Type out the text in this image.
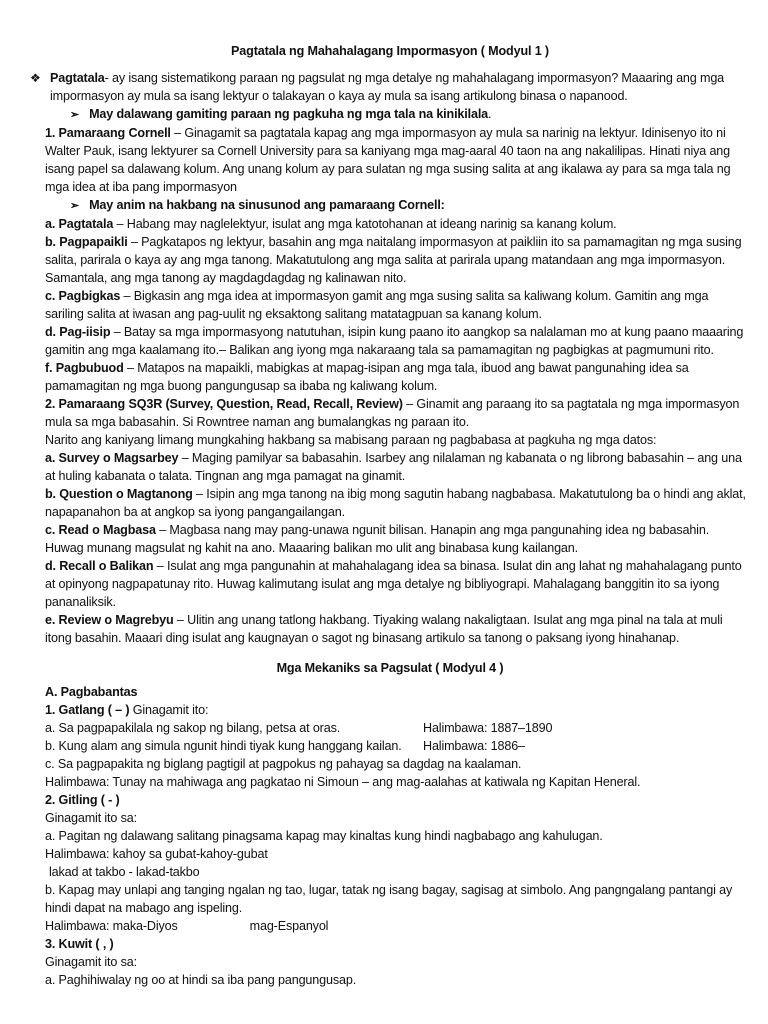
Pagtatala ng Mahahalagang Impormasyon ( Modyul 1 )
❖ Pagtatala- ay isang sistematikong paraan ng pagsulat ng mga detalye ng mahahalagang impormasyon? Maaaring ang mga impormasyon ay mula sa isang lektyur o talakayan o kaya ay mula sa isang artikulong binasa o napanood.

➢ May dalawang gamiting paraan ng pagkuha ng mga tala na kinikilala.

1. Pamaraang Cornell – Ginagamit sa pagtatala kapag ang mga impormasyon ay mula sa narinig na lektyur. Idinisenyo ito ni Walter Pauk, isang lektyurer sa Cornell University para sa kaniyang mga mag-aaral 40 taon na ang nakalilipas. Hinati niya ang isang papel sa dalawang kolum. Ang unang kolum ay para sulatan ng mga susing salita at ang ikalawa ay para sa mga tala ng mga idea at iba pang impormasyon

➢ May anim na hakbang na sinusunod ang pamaraang Cornell:

a. Pagtatala – Habang may naglelektyur, isulat ang mga katotohanan at ideang narinig sa kanang kolum.

b. Pagpapaikli – Pagkatapos ng lektyur, basahin ang mga naitalang impormasyon at paikliin ito sa pamamagitan ng mga susing salita, parirala o kaya ay ang mga tanong. Makatutulong ang mga salita at parirala upang matandaan ang mga impormasyon. Samantala, ang mga tanong ay magdagdagdag ng kalinawan nito.

c. Pagbigkas – Bigkasin ang mga idea at impormasyon gamit ang mga susing salita sa kaliwang kolum. Gamitin ang mga sariling salita at iwasan ang pag-uulit ng eksaktong salitang matatagpuan sa kanang kolum.

d. Pag-iisip – Batay sa mga impormasyong natutuhan, isipin kung paano ito aangkop sa nalalaman mo at kung paano maaaring gamitin ang mga kaalamang ito.– Balikan ang iyong mga nakaraang tala sa pamamagitan ng pagbigkas at pagmumuni rito.

f. Pagbubuod – Matapos na mapaikli, mabigkas at mapag-isipan ang mga tala, ibuod ang bawat pangunahing idea sa pamamagitan ng mga buong pangungusap sa ibaba ng kaliwang kolum.

2. Pamaraang SQ3R (Survey, Question, Read, Recall, Review) – Ginamit ang paraang ito sa pagtatala ng mga impormasyon mula sa mga babasahin. Si Rowntree naman ang bumalangkas ng paraan ito.

Narito ang kaniyang limang mungkahing hakbang sa mabisang paraan ng pagbabasa at pagkuha ng mga datos:

a. Survey o Magsarbey – Maging pamilyar sa babasahin. Isarbey ang nilalaman ng kabanata o ng librong babasahin – ang una at huling kabanata o talata. Tingnan ang mga pamagat na ginamit.

b. Question o Magtanong – Isipin ang mga tanong na ibig mong sagutin habang nagbabasa. Makatutulong ba o hindi ang aklat, napapanahon ba at angkop sa iyong pangangailangan.

c. Read o Magbasa – Magbasa nang may pang-unawa ngunit bilisan. Hanapin ang mga pangunahing idea ng babasahin. Huwag munang magsulat ng kahit na ano. Maaaring balikan mo ulit ang binabasa kung kailangan.

d. Recall o Balikan – Isulat ang mga pangunahin at mahahalagang idea sa binasa. Isulat din ang lahat ng mahahalagang punto at opinyong nagpapatunay rito. Huwag kalimutang isulat ang mga detalye ng bibliyograpi. Mahalagang banggitin ito sa iyong pananaliksik.

e. Review o Magrebyu – Ulitin ang unang tatlong hakbang. Tiyaking walang nakaligtaan. Isulat ang mga pinal na tala at muli itong basahin. Maaari ding isulat ang kaugnayan o sagot ng binasang artikulo sa tanong o paksang iyong hinahanap.

Mga Mekaniks sa Pagsulat ( Modyul 4 )

A. Pagbabantas

1. Gatlang ( – ) Ginagamit ito:

a. Sa pagpapakilala ng sakop ng bilang, petsa at oras.	Halimbawa: 1887–1890
b. Kung alam ang simula ngunit hindi tiyak kung hanggang kailan.	Halimbawa: 1886–

c. Sa pagpapakita ng biglang pagtigil at pagpokus ng pahayag sa dagdag na kaalaman.

Halimbawa: Tunay na mahiwaga ang pagkatao ni Simoun – ang mag-aalahas at katiwala ng Kapitan Heneral.

2. Gitling ( - )

Ginagamit ito sa:

a. Pagitan ng dalawang salitang pinagsama kapag may kinaltas kung hindi nagbabago ang kahulugan.

Halimbawa: kahoy sa gubat-kahoy-gubat

lakad at takbo - lakad-takbo

b. Kapag may unlapi ang tanging ngalan ng tao, lugar, tatak ng isang bagay, sagisag at simbolo. Ang pangngalang pantangi ay hindi dapat na mabago ang ispeling.

Halimbawa: maka-Diyos	mag-Espanyol

3. Kuwit ( , )

Ginagamit ito sa:

a. Paghihiwalay ng oo at hindi sa iba pang pangungusap.
